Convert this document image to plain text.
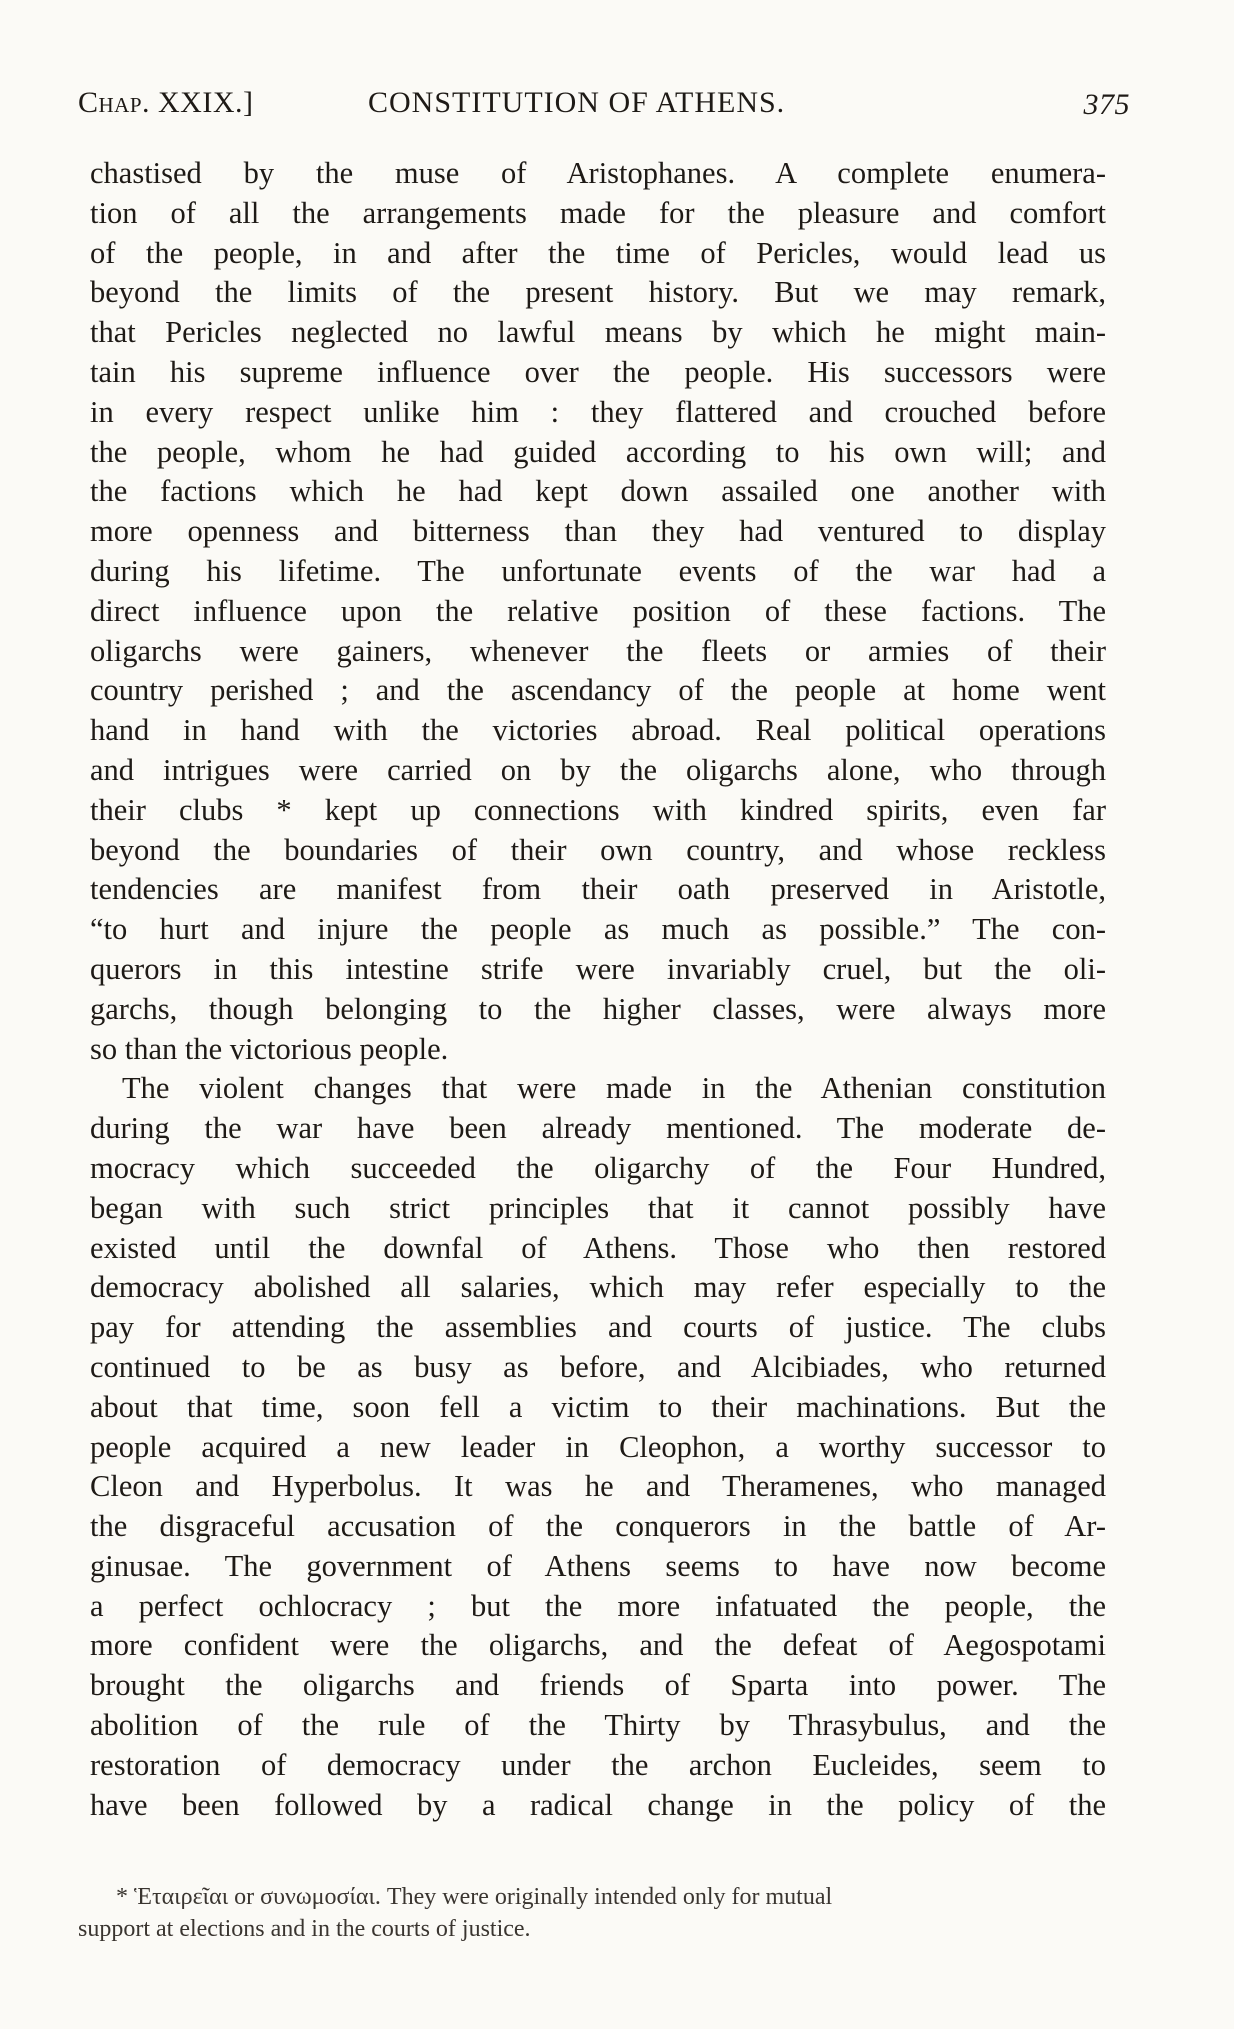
Chap. XXIX.]	CONSTITUTION OF ATHENS.	375
chastised by the muse of Aristophanes. A complete enumera-
tion of all the arrangements made for the pleasure and comfort
of the people, in and after the time of Pericles, would lead us
beyond the limits of the present history. But we may remark,
that Pericles neglected no lawful means by which he might main-
tain his supreme influence over the people. His successors were
in every respect unlike him : they flattered and crouched before
the people, whom he had guided according to his own will; and
the factions which he had kept down assailed one another with
more openness and bitterness than they had ventured to display
during his lifetime. The unfortunate events of the war had a
direct influence upon the relative position of these factions. The
oligarchs were gainers, whenever the fleets or armies of their
country perished ; and the ascendancy of the people at home went
hand in hand with the victories abroad. Real political operations
and intrigues were carried on by the oligarchs alone, who through
their clubs * kept up connections with kindred spirits, even far
beyond the boundaries of their own country, and whose reckless
tendencies are manifest from their oath preserved in Aristotle,
“to hurt and injure the people as much as possible.” The con-
querors in this intestine strife were invariably cruel, but the oli-
garchs, though belonging to the higher classes, were always more
so than the victorious people.
The violent changes that were made in the Athenian constitution
during the war have been already mentioned. The moderate de-
mocracy which succeeded the oligarchy of the Four Hundred,
began with such strict principles that it cannot possibly have
existed until the downfal of Athens. Those who then restored
democracy abolished all salaries, which may refer especially to the
pay for attending the assemblies and courts of justice. The clubs
continued to be as busy as before, and Alcibiades, who returned
about that time, soon fell a victim to their machinations. But the
people acquired a new leader in Cleophon, a worthy successor to
Cleon and Hyperbolus. It was he and Theramenes, who managed
the disgraceful accusation of the conquerors in the battle of Ar-
ginusae. The government of Athens seems to have now become
a perfect ochlocracy ; but the more infatuated the people, the
more confident were the oligarchs, and the defeat of Aegospotami
brought the oligarchs and friends of Sparta into power. The
abolition of the rule of the Thirty by Thrasybulus, and the
restoration of democracy under the archon Eucleides, seem to
have been followed by a radical change in the policy of the
* Ἑταιρεῖαι or συνωμοσίαι. They were originally intended only for mutual
support at elections and in the courts of justice.
